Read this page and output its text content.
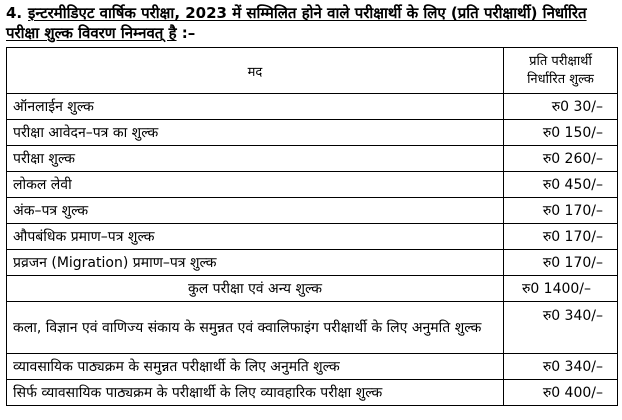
4. इन्टरमीडिएट वार्षिक परीक्षा, 2023 में सम्मिलित होने वाले परीक्षार्थी के लिए (प्रति परीक्षार्थी) निर्धारित परीक्षा शुल्क विवरण निम्नवत् है :–
मद	प्रति परीक्षार्थी
निर्धारित शुल्क

ऑनलाईन शुल्क	रु0 30/–
परीक्षा आवेदन–पत्र का शुल्क	रु0 150/–
परीक्षा शुल्क	रु0 260/–
लोकल लेवी	रु0 450/–
अंक–पत्र शुल्क	रु0 170/–
औपबंधिक प्रमाण–पत्र शुल्क	रु0 170/–
प्रव्रजन (Migration) प्रमाण–पत्र शुल्क	रु0 170/–
कुल परीक्षा एवं अन्य शुल्क	रु0 1400/–
कला, विज्ञान एवं वाणिज्य संकाय के समुन्नत एवं क्वालिफाइंग परीक्षार्थी के लिए अनुमति शुल्क	रु0 340/–
व्यावसायिक पाठ्यक्रम के समुन्नत परीक्षार्थी के लिए अनुमति शुल्क	रु0 340/–
सिर्फ व्यावसायिक पाठ्यक्रम के परीक्षार्थी के लिए व्यावहारिक परीक्षा शुल्क	रु0 400/–
